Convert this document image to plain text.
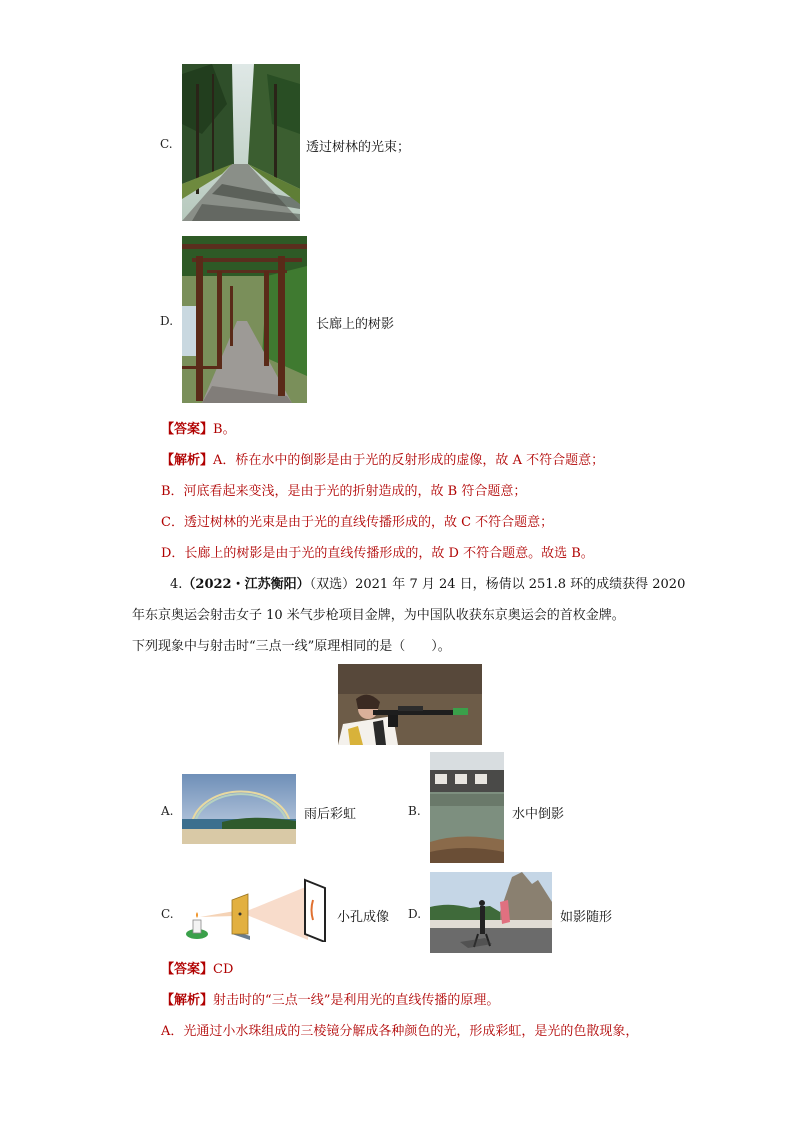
C.	透过树林的光束；
D.	长廊上的树影
【答案】B。
【解析】A．桥在水中的倒影是由于光的反射形成的虚像，故 A 不符合题意；
B．河底看起来变浅，是由于光的折射造成的，故 B 符合题意；
C．透过树林的光束是由于光的直线传播形成的，故 C 不符合题意；
D．长廊上的树影是由于光的直线传播形成的，故 D 不符合题意。故选 B。
4.（2022・江苏衡阳）（双选）2021 年 7 月 24 日，杨倩以 251.8 环的成绩获得 2020
年东京奥运会射击女子 10 米气步枪项目金牌，为中国队收获东京奥运会的首枚金牌。
下列现象中与射击时“三点一线”原理相同的是（　　）。
A.	雨后彩虹	B.	水中倒影
C.	小孔成像 D.	如影随形
【答案】CD
【解析】射击时的“三点一线”是利用光的直线传播的原理。
A．光通过小水珠组成的三棱镜分解成各种颜色的光，形成彩虹，是光的色散现象，
